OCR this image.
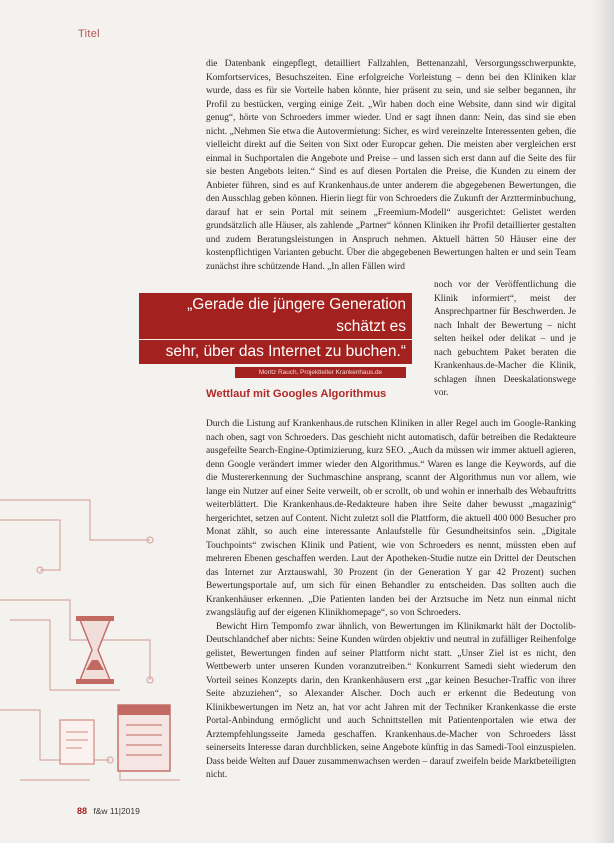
Titel

die Datenbank eingepflegt, detailliert Fallzahlen, Bettenanzahl, Versorgungsschwerpunkte, Komfortservices, Besuchszeiten. Eine erfolgreiche Vorleistung – denn bei den Kliniken klar wurde, dass es für sie Vorteile haben könnte, hier präsent zu sein, und sie selber begannen, ihr Profil zu bestücken, verging einige Zeit. „Wir haben doch eine Website, dann sind wir digital genug“, hörte von Schroeders immer wieder. Und er sagt ihnen dann: Nein, das sind sie eben nicht. „Nehmen Sie etwa die Autovermietung: Sicher, es wird vereinzelte Interessenten geben, die vielleicht direkt auf die Seiten von Sixt oder Europcar gehen. Die meisten aber vergleichen erst einmal in Suchportalen die Angebote und Preise – und lassen sich erst dann auf die Seite des für sie besten Angebots leiten.“ Sind es auf diesen Portalen die Preise, die Kunden zu einem der Anbieter führen, sind es auf Krankenhaus.de unter anderem die abgegebenen Bewertungen, die den Ausschlag geben können. Hierin liegt für von Schroeders die Zukunft der Arztterminbuchung, darauf hat er sein Portal mit seinem „Freemium-Modell“ ausgerichtet: Gelistet werden grundsätzlich alle Häuser, als zahlende „Partner“ können Kliniken ihr Profil detaillierter gestalten und zudem Beratungsleistungen in Anspruch nehmen. Aktuell hätten 50 Häuser eine der kostenpflichtigen Varianten gebucht. Über die abgegebenen Bewertungen halten er und sein Team zunächst ihre schützende Hand. „In allen Fällen wird

noch vor der Veröffentlichung die Klinik informiert“, meist der Ansprechpartner für Beschwerden. Je nach Inhalt der Bewertung – nicht selten heikel oder delikat – und je nach gebuchtem Paket beraten die Krankenhaus.de-Macher die Klinik, schlagen ihnen Deeskalationswege vor.

„Gerade die jüngere Generation schätzt es
sehr, über das Internet zu buchen.“
Moritz Rauch, Projektleiter Krankenhaus.de
Wettlauf mit Googles Algorithmus

Durch die Listung auf Krankenhaus.de rutschen Kliniken in aller Regel auch im Google-Ranking nach oben, sagt von Schroeders. Das geschieht nicht automatisch, dafür betreiben die Redakteure ausgefeilte Search-Engine-Optimizierung, kurz SEO. „Auch da müssen wir immer aktuell agieren, denn Google verändert immer wieder den Algorithmus.“ Waren es lange die Keywords, auf die die Mustererkennung der Suchmaschine ansprang, scannt der Algorithmus nun vor allem, wie lange ein Nutzer auf einer Seite verweilt, ob er scrollt, ob und wohin er innerhalb des Webauftritts weiterblättert. Die Krankenhaus.de-Redakteure haben ihre Seite daher bewusst „magazinig“ hergerichtet, setzen auf Content. Nicht zuletzt soll die Plattform, die aktuell 400 000 Besucher pro Monat zählt, so auch eine interessante Anlaufstelle für Gesundheitsinfos sein. „Digitale Touchpoints“ zwischen Klinik und Patient, wie von Schroeders es nennt, müssten eben auf mehreren Ebenen geschaffen werden. Laut der Apotheken-Studie nutze ein Drittel der Deutschen das Internet zur Arztauswahl, 30 Prozent (in der Generation Y gar 42 Prozent) suchen Bewertungsportale auf, um sich für einen Behandler zu entscheiden. Das sollten auch die Krankenhäuser erkennen. „Die Patienten landen bei der Arztsuche im Netz nun einmal nicht zwangsläufig auf der eigenen Klinikhomepage“, so von Schroeders.

Bewicht Hirn Tempomfo zwar ähnlich, von Bewertungen im Klinikmarkt hält der Doctolib-Deutschlandchef aber nichts: Seine Kunden würden objektiv und neutral in zufälliger Reihenfolge gelistet, Bewertungen finden auf seiner Plattform nicht statt. „Unser Ziel ist es nicht, den Wettbewerb unter unseren Kunden voranzutreiben.“ Konkurrent Samedi sieht wiederum den Vorteil seines Konzepts darin, den Krankenhäusern erst „gar keinen Besucher-Traffic von ihrer Seite abzuziehen“, so Alexander Alscher. Doch auch er erkennt die Bedeutung von Klinikbewertungen im Netz an, hat vor acht Jahren mit der Techniker Krankenkasse die erste Portal-Anbindung ermöglicht und auch Schnittstellen mit Patientenportalen wie etwa der Arztempfehlungsseite Jameda geschaffen. Krankenhaus.de-Macher von Schroeders lässt seinerseits Interesse daran durchblicken, seine Angebote künftig in das Samedi-Tool einzuspielen. Dass beide Welten auf Dauer zusammenwachsen werden – darauf zweifeln beide Marktbeteiligten nicht.

88 f&w 11|2019
